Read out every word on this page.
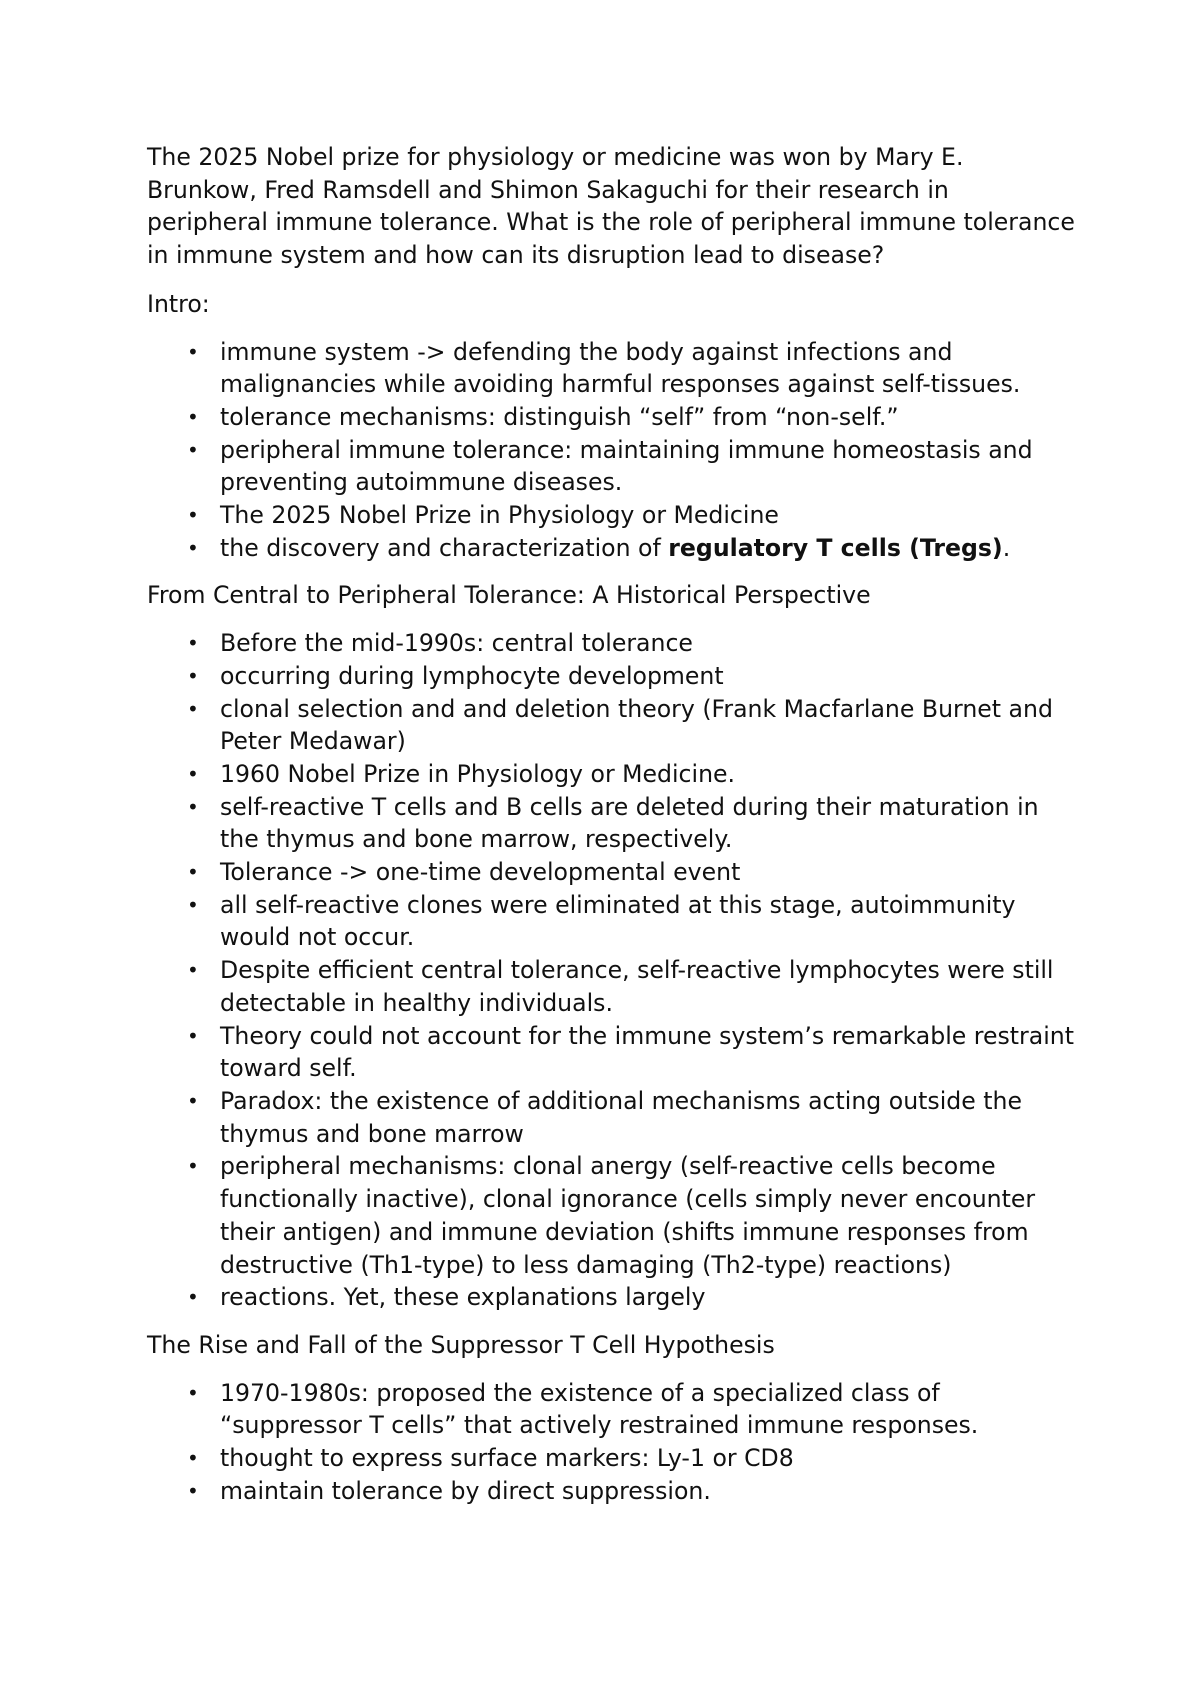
The 2025 Nobel prize for physiology or medicine was won by Mary E. Brunkow, Fred Ramsdell and Shimon Sakaguchi for their research in peripheral immune tolerance. What is the role of peripheral immune tolerance in immune system and how can its disruption lead to disease?

Intro:

• immune system -> defending the body against infections and malignancies while avoiding harmful responses against self-tissues.
• tolerance mechanisms: distinguish “self” from “non-self.”
• peripheral immune tolerance: maintaining immune homeostasis and preventing autoimmune diseases.
• The 2025 Nobel Prize in Physiology or Medicine
• the discovery and characterization of regulatory T cells (Tregs).

From Central to Peripheral Tolerance: A Historical Perspective

• Before the mid-1990s: central tolerance
• occurring during lymphocyte development
• clonal selection and and deletion theory (Frank Macfarlane Burnet and Peter Medawar)
• 1960 Nobel Prize in Physiology or Medicine.
• self-reactive T cells and B cells are deleted during their maturation in the thymus and bone marrow, respectively.
• Tolerance -> one-time developmental event
• all self-reactive clones were eliminated at this stage, autoimmunity would not occur.
• Despite efficient central tolerance, self-reactive lymphocytes were still detectable in healthy individuals.
• Theory could not account for the immune system’s remarkable restraint toward self.
• Paradox: the existence of additional mechanisms acting outside the thymus and bone marrow
• peripheral mechanisms: clonal anergy (self-reactive cells become functionally inactive), clonal ignorance (cells simply never encounter their antigen) and immune deviation (shifts immune responses from destructive (Th1-type) to less damaging (Th2-type) reactions)
• reactions. Yet, these explanations largely

The Rise and Fall of the Suppressor T Cell Hypothesis

• 1970-1980s: proposed the existence of a specialized class of “suppressor T cells” that actively restrained immune responses.
• thought to express surface markers: Ly-1 or CD8
• maintain tolerance by direct suppression.
